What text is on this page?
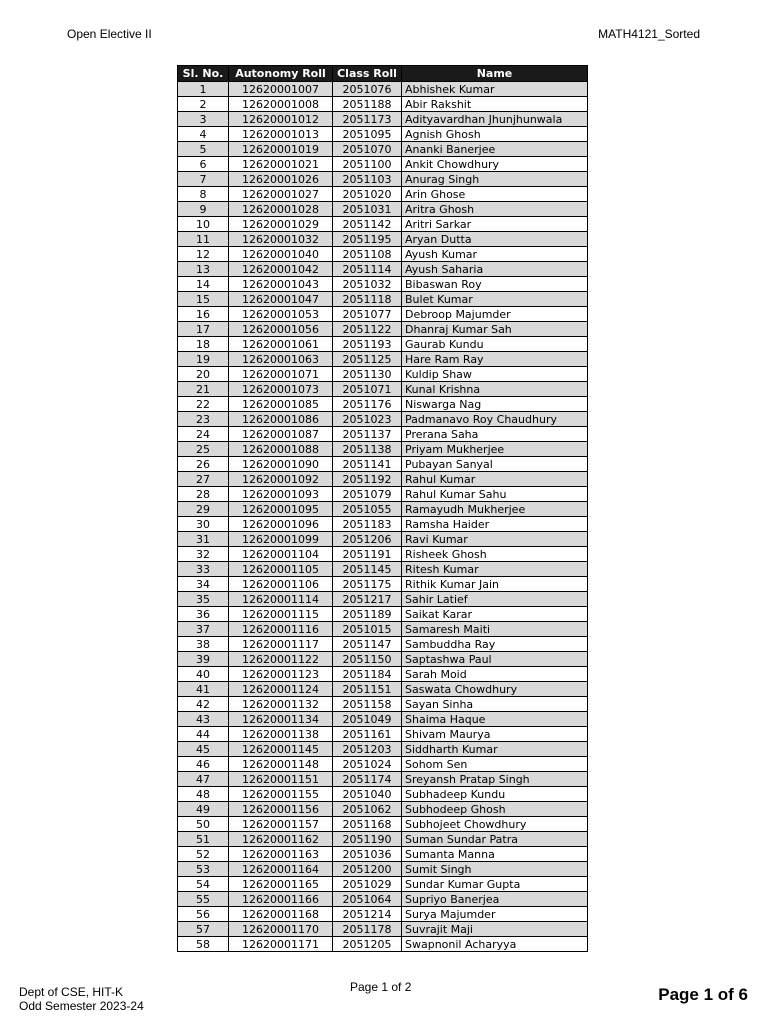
Open Elective II	MATH4121_Sorted
Sl. No.	Autonomy Roll	Class Roll	Name
1	12620001007	2051076	Abhishek Kumar
2	12620001008	2051188	Abir Rakshit
3	12620001012	2051173	Adityavardhan Jhunjhunwala
4	12620001013	2051095	Agnish Ghosh
5	12620001019	2051070	Ananki Banerjee
6	12620001021	2051100	Ankit Chowdhury
7	12620001026	2051103	Anurag Singh
8	12620001027	2051020	Arin Ghose
9	12620001028	2051031	Aritra Ghosh
10	12620001029	2051142	Aritri Sarkar
11	12620001032	2051195	Aryan Dutta
12	12620001040	2051108	Ayush Kumar
13	12620001042	2051114	Ayush Saharia
14	12620001043	2051032	Bibaswan Roy
15	12620001047	2051118	Bulet Kumar
16	12620001053	2051077	Debroop Majumder
17	12620001056	2051122	Dhanraj Kumar Sah
18	12620001061	2051193	Gaurab Kundu
19	12620001063	2051125	Hare Ram Ray
20	12620001071	2051130	Kuldip Shaw
21	12620001073	2051071	Kunal Krishna
22	12620001085	2051176	Niswarga Nag
23	12620001086	2051023	Padmanavo Roy Chaudhury
24	12620001087	2051137	Prerana Saha
25	12620001088	2051138	Priyam Mukherjee
26	12620001090	2051141	Pubayan Sanyal
27	12620001092	2051192	Rahul Kumar
28	12620001093	2051079	Rahul Kumar Sahu
29	12620001095	2051055	Ramayudh Mukherjee
30	12620001096	2051183	Ramsha Haider
31	12620001099	2051206	Ravi Kumar
32	12620001104	2051191	Risheek Ghosh
33	12620001105	2051145	Ritesh Kumar
34	12620001106	2051175	Rithik Kumar Jain
35	12620001114	2051217	Sahir Latief
36	12620001115	2051189	Saikat Karar
37	12620001116	2051015	Samaresh Maiti
38	12620001117	2051147	Sambuddha Ray
39	12620001122	2051150	Saptashwa Paul
40	12620001123	2051184	Sarah Moid
41	12620001124	2051151	Saswata Chowdhury
42	12620001132	2051158	Sayan Sinha
43	12620001134	2051049	Shaima Haque
44	12620001138	2051161	Shivam Maurya
45	12620001145	2051203	Siddharth Kumar
46	12620001148	2051024	Sohom Sen
47	12620001151	2051174	Sreyansh Pratap Singh
48	12620001155	2051040	Subhadeep Kundu
49	12620001156	2051062	Subhodeep Ghosh
50	12620001157	2051168	Subhojeet Chowdhury
51	12620001162	2051190	Suman Sundar Patra
52	12620001163	2051036	Sumanta Manna
53	12620001164	2051200	Sumit Singh
54	12620001165	2051029	Sundar Kumar Gupta
55	12620001166	2051064	Supriyo Banerjea
56	12620001168	2051214	Surya Majumder
57	12620001170	2051178	Suvrajit Maji
58	12620001171	2051205	Swapnonil Acharyya
Dept of CSE, HIT-K
Odd Semester 2023-24
Page 1 of 2	Page 1 of 6
